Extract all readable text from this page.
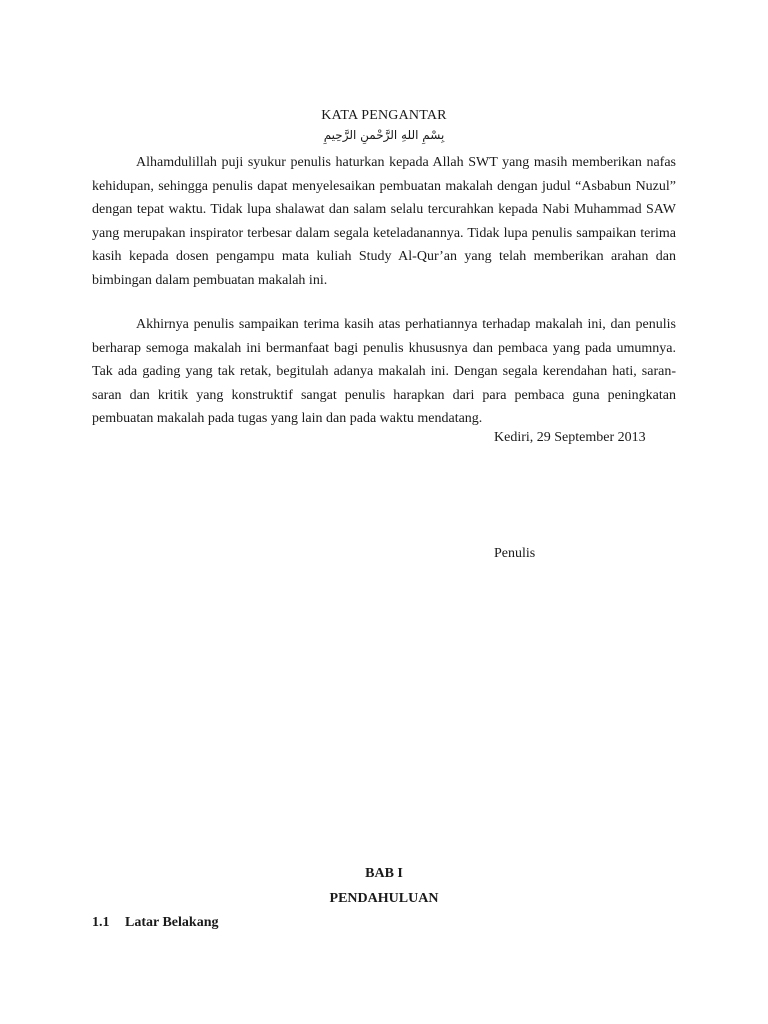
KATA PENGANTAR
بِسْمِ اللهِ الرَّحْمنِ الرَّحِيمِ

Alhamdulillah puji syukur penulis haturkan kepada Allah SWT yang masih memberikan nafas kehidupan, sehingga penulis dapat menyelesaikan pembuatan makalah dengan judul “Asbabun Nuzul” dengan tepat waktu. Tidak lupa shalawat dan salam selalu tercurahkan kepada Nabi Muhammad SAW yang merupakan inspirator terbesar dalam segala keteladanannya. Tidak lupa penulis sampaikan terima kasih kepada dosen pengampu mata kuliah Study Al-Qur’an yang telah memberikan arahan dan bimbingan dalam pembuatan makalah ini.

Akhirnya penulis sampaikan terima kasih atas perhatiannya terhadap makalah ini, dan penulis berharap semoga makalah ini bermanfaat bagi penulis khususnya dan pembaca yang pada umumnya. Tak ada gading yang tak retak, begitulah adanya makalah ini. Dengan segala kerendahan hati, saran-saran dan kritik yang konstruktif sangat penulis harapkan dari para pembaca guna peningkatan pembuatan makalah pada tugas yang lain dan pada waktu mendatang.

Kediri, 29 September 2013
Penulis
BAB I
PENDAHULUAN
1.1 Latar Belakang
